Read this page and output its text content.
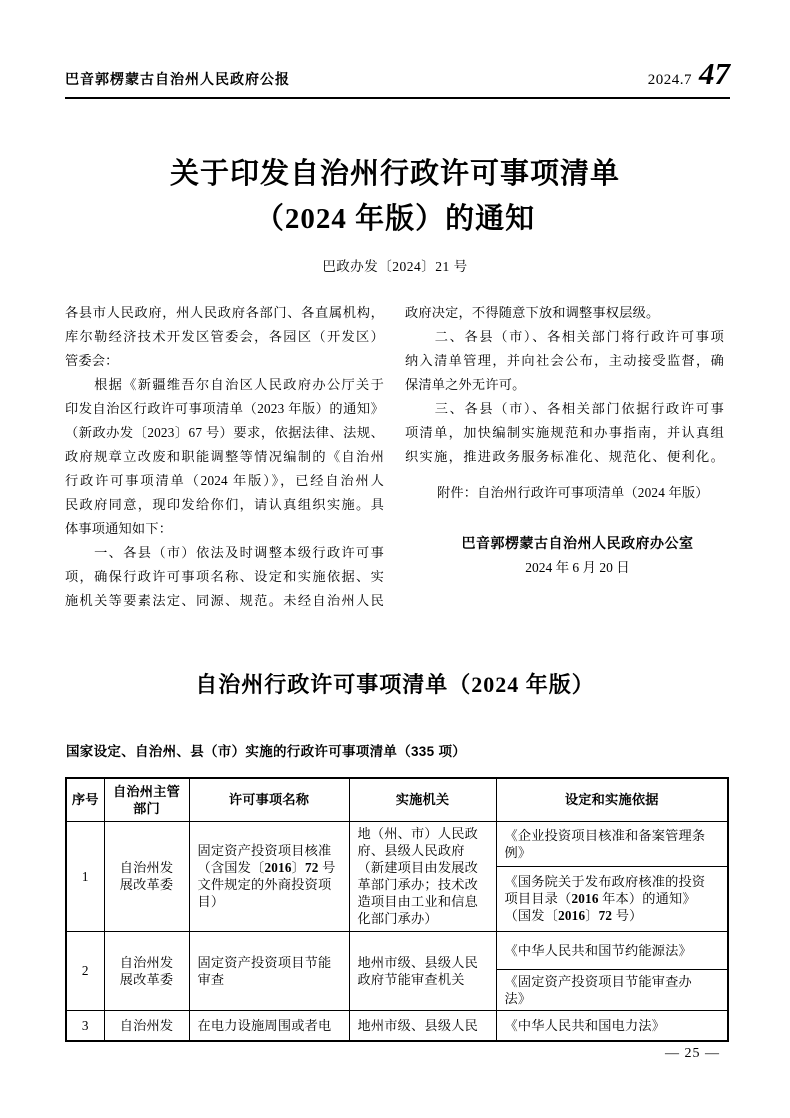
巴音郭楞蒙古自治州人民政府公报	2024.7 47
关于印发自治州行政许可事项清单
（2024 年版）的通知
巴政办发〔2024〕21 号
各县市人民政府，州人民政府各部门、各直属机构，
库尔勒经济技术开发区管委会，各园区（开发区）
管委会：
　　根据《新疆维吾尔自治区人民政府办公厅关于
印发自治区行政许可事项清单（2023 年版）的通知》
（新政办发〔2023〕67 号）要求，依据法律、法规、
政府规章立改废和职能调整等情况编制的《自治州
行政许可事项清单（2024 年版）》，已经自治州人
民政府同意，现印发给你们，请认真组织实施。具
体事项通知如下：
　　一、各县（市）依法及时调整本级行政许可事
项，确保行政许可事项名称、设定和实施依据、实
施机关等要素法定、同源、规范。未经自治州人民
政府决定，不得随意下放和调整事权层级。
　　二、各县（市）、各相关部门将行政许可事项
纳入清单管理，并向社会公布，主动接受监督，确
保清单之外无许可。
　　三、各县（市）、各相关部门依据行政许可事
项清单，加快编制实施规范和办事指南，并认真组
织实施，推进政务服务标准化、规范化、便利化。
附件：自治州行政许可事项清单（2024 年版）
巴音郭楞蒙古自治州人民政府办公室
2024 年 6 月 20 日
自治州行政许可事项清单（2024 年版）
国家设定、自治州、县（市）实施的行政许可事项清单（335 项）
序号	自治州主管部门	许可事项名称	实施机关	设定和实施依据
1	自治州发展改革委	固定资产投资项目核准（含国发〔2016〕72 号文件规定的外商投资项目）	地（州、市）人民政府、县级人民政府（新建项目由发展改革部门承办；技术改造项目由工业和信息化部门承办）	《企业投资项目核准和备案管理条例》
				《国务院关于发布政府核准的投资项目目录（2016 年本）的通知》（国发〔2016〕72 号）
2	自治州发展改革委	固定资产投资项目节能审查	地州市级、县级人民政府节能审查机关	《中华人民共和国节约能源法》
				《固定资产投资项目节能审查办法》
3	自治州发	在电力设施周围或者电	地州市级、县级人民	《中华人民共和国电力法》
— 25 —
